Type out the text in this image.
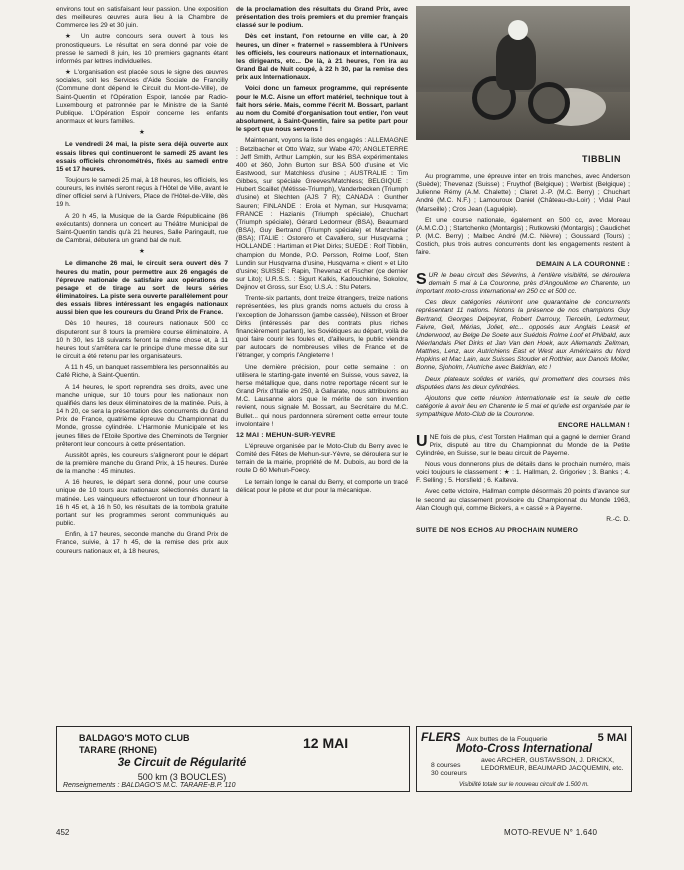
environs tout en satisfaisant leur passion. Une exposition des meilleures œuvres aura lieu à la Chambre de Commerce les 29 et 30 juin.

★ Un autre concours sera ouvert à tous les pronostiqueurs. Le résultat en sera donné par voie de presse le samedi 8 juin, les 10 premiers gagnants étant informés par lettres individuelles.

★ L'organisation est placée sous le signe des œuvres sociales, soit les Services d'Aide Sociale de Francilly (Commune dont dépend le Circuit du Mont-de-Ville), de Saint-Quentin et l'Opération Espoir, lancée par Radio-Luxembourg et patronnée par le Ministre de la Santé Publique. L'Opération Espoir concerne les enfants anormaux et leurs familles.

★

Le vendredi 24 mai, la piste sera déjà ouverte aux essais libres qui continueront le samedi 25 avant les essais officiels chronométrés, fixés au samedi entre 15 et 17 heures.

Toujours le samedi 25 mai, à 18 heures, les officiels, les coureurs, les invités seront reçus à l'Hôtel de Ville, avant le dîner officiel servi à l'Univers, Place de l'Hôtel-de-Ville, dès 19 h.

A 20 h 45, la Musique de la Garde Républicaine (86 exécutants) donnera un concert au Théâtre Municipal de Saint-Quentin tandis qu'à 21 heures, Salle Paringault, rue de Cambrai, débutera un grand bal de nuit.

★

Le dimanche 26 mai, le circuit sera ouvert dès 7 heures du matin, pour permettre aux 26 engagés de l'épreuve nationale de satisfaire aux opérations de pesage et de tirage au sort de leurs séries éliminatoires. La piste sera ouverte parallèlement pour des essais libres intéressant les engagés nationaux aussi bien que les coureurs du Grand Prix de France.

Dès 10 heures, 18 coureurs nationaux 500 cc disputeront sur 8 tours la première course éliminatoire. A 10 h 30, les 18 suivants feront la même chose et, à 11 heures tout s'arrêtera car le principe d'une messe dite sur le circuit a été retenu par les organisateurs.

A 11 h 45, un banquet rassemblera les personnalités au Café Riche, à Saint-Quentin.

A 14 heures, le sport reprendra ses droits, avec une manche unique, sur 10 tours pour les nationaux non qualifiés dans les deux éliminatoires de la matinée. Puis, à 14 h 20, ce sera la présentation des concurrents du Grand Prix de France, quatrième épreuve du Championnat du Monde, grosse cylindrée. L'Harmonie Municipale et les jeunes filles de l'Etoile Sportive des Cheminots de Tergnier prêteront leur concours à cette présentation.

Aussitôt après, les coureurs s'aligneront pour le départ de la première manche du Grand Prix, à 15 heures. Durée de la manche : 45 minutes.

A 16 heures, le départ sera donné, pour une course unique de 10 tours aux nationaux sélectionnés durant la matinée. Les vainqueurs effectueront un tour d'honneur à 16 h 45 et, à 16 h 50, les résultats de la tombola gratuite portant sur les programmes seront communiqués au public.

Enfin, à 17 heures, seconde manche du Grand Prix de France, suivie, à 17 h 45, de la remise des prix aux coureurs nationaux et, à 18 heures,

de la proclamation des résultats du Grand Prix, avec présentation des trois premiers et du premier français classé sur le podium.

Dès cet instant, l'on retourne en ville car, à 20 heures, un dîner « fraternel » rassemblera à l'Univers les officiels, les coureurs nationaux et internationaux, les dirigeants, etc... De là, à 21 heures, l'on ira au Grand Bal de Nuit coupé, à 22 h 30, par la remise des prix aux Internationaux.

Voici donc un fameux programme, qui représente pour le M.C. Aisne un effort matériel, technique tout à fait hors série. Mais, comme l'écrit M. Bossart, parlant au nom du Comité d'organisation tout entier, l'on veut absolument, à Saint-Quentin, faire sa petite part pour le sport que nous servons !

Maintenant, voyons la liste des engagés : ALLEMAGNE : Betzlbacher et Otto Walz, sur Wabe 470; ANGLETERRE : Jeff Smith, Arthur Lampkin, sur les BSA expérimentales 400 et 360, John Burton sur BSA 500 d'usine et Vic Eastwood, sur Matchless d'usine ; AUSTRALIE : Tim Gibbes, sur spéciale Greeves/Matchless; BELGIQUE : Hubert Scaillet (Métisse-Triumph), Vanderbecken (Triumph d'usine) et Slechten (AJS 7 R); CANADA : Gunther Sauren; FINLANDE : Erola et Nyman, sur Husqvarna; FRANCE : Hazianis (Triumph spéciale), Chuchart (Triumph spéciale), Gérard Ledormeur (BSA), Beaumard (BSA), Guy Bertrand (Triumph spéciale) et Marchadier (BSA); ITALIE : Ostorero et Cavallero, sur Husqvarna ; HOLLANDE : Hartiman et Piet Dirks; SUEDE : Rolf Tibblin, champion du Monde, P.O. Persson, Rolme Loof, Sten Lundin sur Husqvarna d'usine, Husqvarna « client » et Lito d'usine; SUISSE : Rapin, Thevenaz et Fischer (ce dernier sur Lito); U.R.S.S. : Sigurt Kalkis, Kadouchkine, Sokolov, Dejinov et Gross, sur Eso; U.S.A. : Stu Peters.

Trente-six partants, dont treize étrangers, treize nations représentées, les plus grands noms actuels du cross à l'exception de Johansson (jambe cassée), Nilsson et Broer Dirks (intéressés par des contrats plus riches financièrement parlant), les Soviétiques au départ, voilà de quoi faire courir les foules et, d'ailleurs, le public viendra par autocars de nombreuses villes de France et de l'étranger, y compris l'Angleterre !

Une dernière précision, pour cette semaine : on utilisera le starting-gate inventé en Suisse, vous savez, la herse métallique que, dans notre reportage récent sur le Grand Prix d'Italie en 250, à Gallarate, nous attribuions au M.C. Lausanne alors que le mérite de son invention revient, nous signale M. Bossart, au Secrétaire du M.C. Bullet... qui nous pardonnera sûrement cette erreur toute involontaire !

12 MAI : MEHUN-SUR-YEVRE

L'épreuve organisée par le Moto-Club du Berry avec le Comité des Fêtes de Mehun-sur-Yèvre, se déroulera sur le terrain de la mairie, propriété de M. Dubois, au bord de la route D 60 Mehun-Foecy.

Le terrain longe le canal du Berry, et comporte un tracé délicat pour le pilote et dur pour la mécanique.

TIBBLIN

Au programme, une épreuve inter en trois manches, avec Anderson (Suède); Thevenaz (Suisse) ; Fruythof (Belgique) ; Werbist (Belgique) ; Julienne Rémy (A.M. Chalette) ; Claret J.-P. (M.C. Berry) ; Chuchart André (M.C. N.F.) ; Lamouroux Daniel (Château-du-Loir) ; Vidal Paul (Marseille) ; Cros Jean (Laguépie).

Et une course nationale, également en 500 cc, avec Moreau (A.M.C.O.) ; Startchenko (Montargis) ; Rutkowski (Montargis) ; Gaudichet P. (M.C. Berry) ; Malbec André (M.C. Nièvre) ; Goussard (Tours) ; Costich, plus trois autres concurrents dont les engagements restent à faire.

DEMAIN A LA COURONNE :

SUR le beau circuit des Séverins, à l'entière visibilité, se déroulera demain 5 mai à La Couronne, près d'Angoulême en Charente, un important moto-cross international en 250 cc et 500 cc.

Ces deux catégories réuniront une quarantaine de concurrents représentant 11 nations. Notons la présence de nos champions Guy Bertrand, Georges Delpeyrat, Robert Darrouy, Tiercelin, Ledormeur, Faivre, Geil, Mérias, Joliet, etc... opposés aux Anglais Leask et Underwood, au Belge De Soete aux Suédois Rolme Loof et Philbald, aux Néerlandais Piet Dirks et Jan Van den Hoek, aux Allemands Zellman, Matthes, Lenz, aux Autrichiens East et West aux Américains du Nord Hopkins et Mac Lain, aux Suisses Stouder et Rotthier, aux Danois Moller, Bonne, Sjoholm, l'Autriche avec Baldrian, etc !

Deux plateaux solides et variés, qui promettent des courses très disputées dans les deux cylindrées.

Ajoutons que cette réunion internationale est la seule de cette catégorie à avoir lieu en Charente le 5 mai et qu'elle est organisée par le sympathique Moto-Club de la Couronne.

ENCORE HALLMAN !

UNE fois de plus, c'est Torsten Hallman qui a gagné le dernier Grand Prix, disputé au titre du Championnat du Monde de la Petite Cylindrée, en Suisse, sur le beau circuit de Payerne.

Nous vous donnerons plus de détails dans le prochain numéro, mais voici toujours le classement : ★ : 1. Hallman, 2. Grigoriev ; 3. Banks ; 4. F. Selling ; 5. Horsfield ; 6. Kalteva.

Avec cette victoire, Hallman compte désormais 20 points d'avance sur le second au classement provisoire du Championnat du Monde 1963, Alan Clough qui, comme Bickers, a « cassé » à Payerne.

R.-C. D.

SUITE DE NOS ECHOS AU PROCHAIN NUMERO

BALDAGO'S MOTO CLUB
TARARE (RHONE)	12 MAI
3e Circuit de Régularité
500 km (3 BOUCLES)
Renseignements : BALDAGO'S M.C. TARARE-B.P. 110
FLERS Aux buttes de la Fouquerie	5 MAI
Moto-Cross International
8 courses
30 coureurs
avec ARCHER, GUSTAVSSON, J. DRICKX, LEDORMEUR, BEAUMARD JACQUEMIN, etc.
Visibilité totale sur le nouveau circuit de 1.500 m.
452	MOTO-REVUE N° 1.640
